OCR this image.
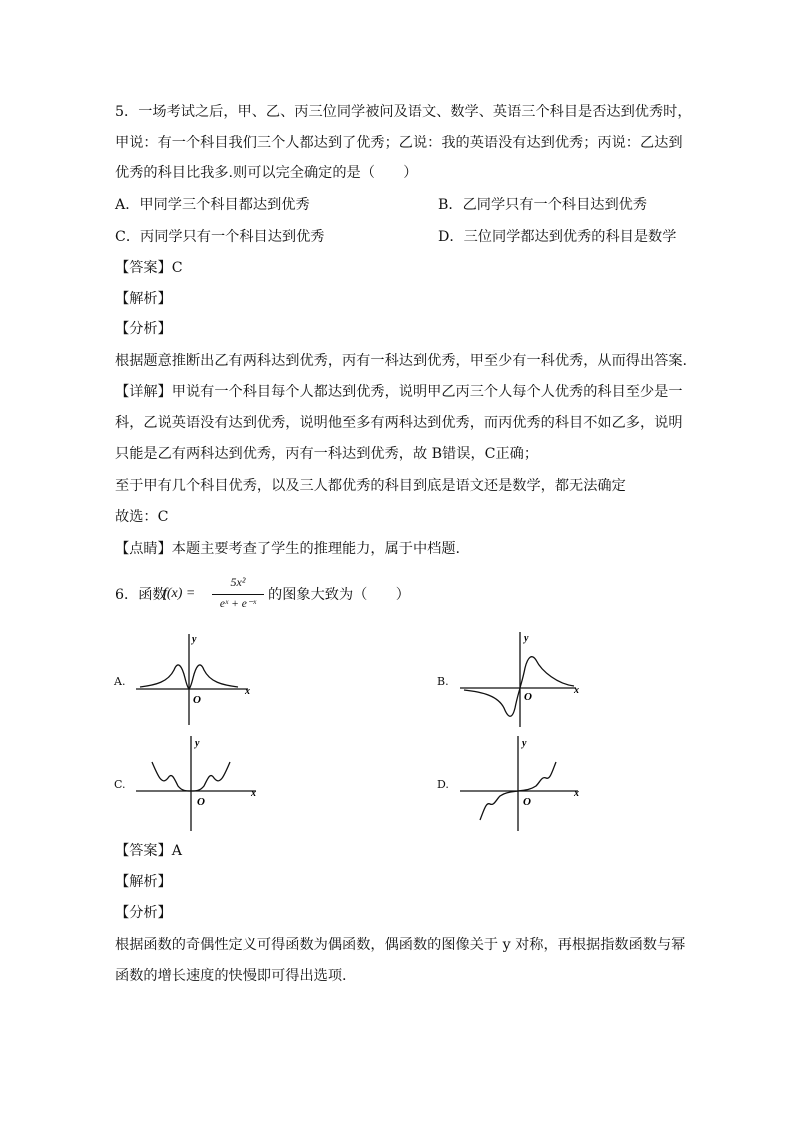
5．一场考试之后，甲、乙、丙三位同学被问及语文、数学、英语三个科目是否达到优秀时，
甲说：有一个科目我们三个人都达到了优秀；乙说：我的英语没有达到优秀；丙说：乙达到
优秀的科目比我多.则可以完全确定的是（　　）
A．甲同学三个科目都达到优秀	B．乙同学只有一个科目达到优秀
C．丙同学只有一个科目达到优秀	D．三位同学都达到优秀的科目是数学
【答案】C
【解析】
【分析】
根据题意推断出乙有两科达到优秀，丙有一科达到优秀，甲至少有一科优秀，从而得出答案.
【详解】甲说有一个科目每个人都达到优秀，说明甲乙丙三个人每个人优秀的科目至少是一
科，乙说英语没有达到优秀，说明他至多有两科达到优秀，而丙优秀的科目不如乙多，说明
只能是乙有两科达到优秀，丙有一科达到优秀，故 B错误，C正确；
至于甲有几个科目优秀，以及三人都优秀的科目到底是语文还是数学，都无法确定
故选：C
【点睛】本题主要考查了学生的推理能力，属于中档题.
6．函数
f(x) =
5x²
eˣ + e⁻ˣ
的图象大致为（　　）
A.	B.
C.	D.
y
x
O
y
x
O
y
x
O
y
x
O
【答案】A
【解析】
【分析】
根据函数的奇偶性定义可得函数为偶函数，偶函数的图像关于 y 对称，再根据指数函数与幂
函数的增长速度的快慢即可得出选项.
